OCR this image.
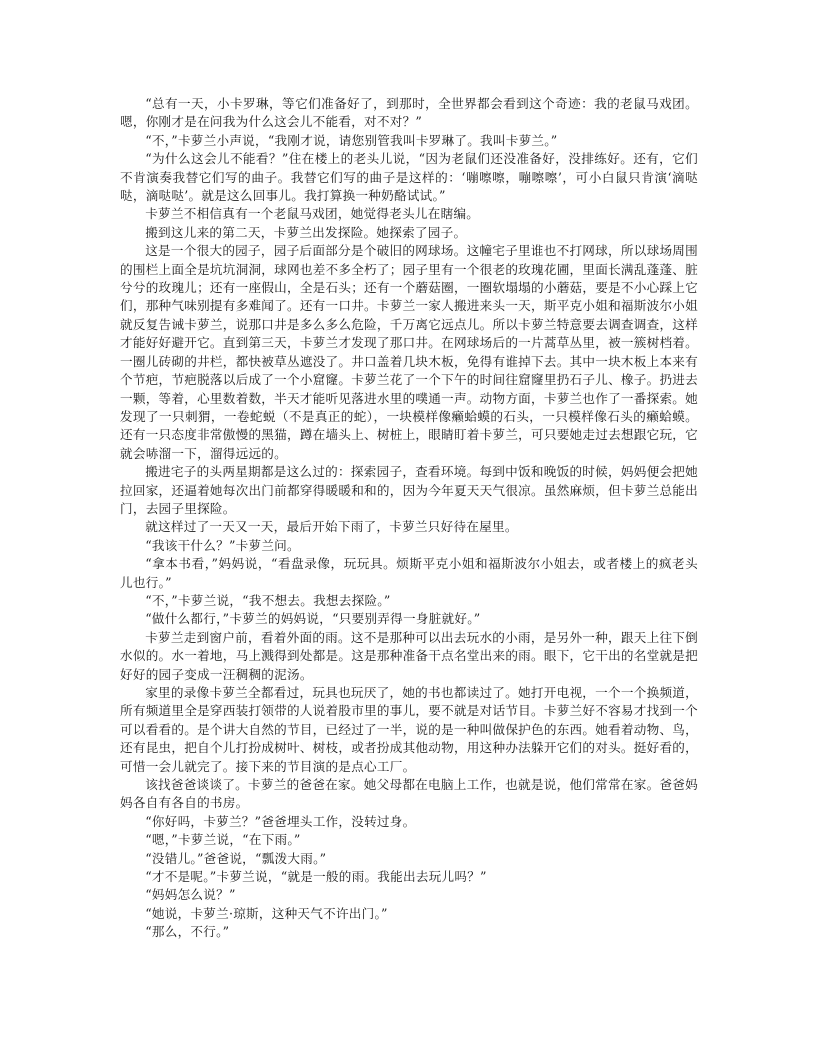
“总有一天，小卡罗琳，等它们准备好了，到那时，全世界都会看到这个奇迹：我的老鼠马戏团。嗯，你刚才是在问我为什么这会儿不能看，对不对？”

“不，”卡萝兰小声说，“我刚才说，请您别管我叫卡罗琳了。我叫卡萝兰。”

“为什么这会儿不能看？”住在楼上的老头儿说，“因为老鼠们还没准备好，没排练好。还有，它们不肯演奏我替它们写的曲子。我替它们写的曲子是这样的：‘嘣嚓嚓，嘣嚓嚓’，可小白鼠只肯演‘滴哒哒，滴哒哒’。就是这么回事儿。我打算换一种奶酪试试。”

卡萝兰不相信真有一个老鼠马戏团，她觉得老头儿在瞎编。

搬到这儿来的第二天，卡萝兰出发探险。她探索了园子。

这是一个很大的园子，园子后面部分是个破旧的网球场。这幢宅子里谁也不打网球，所以球场周围的围栏上面全是坑坑洞洞，球网也差不多全朽了；园子里有一个很老的玫瑰花圃，里面长满乱蓬蓬、脏兮兮的玫瑰儿；还有一座假山，全是石头；还有一个蘑菇圈，一圈软塌塌的小蘑菇，要是不小心踩上它们，那种气味别提有多难闻了。还有一口井。卡萝兰一家人搬进来头一天，斯平克小姐和福斯波尔小姐就反复告诫卡萝兰，说那口井是多么多么危险，千万离它远点儿。所以卡萝兰特意要去调查调查，这样才能好好避开它。直到第三天，卡萝兰才发现了那口井。在网球场后的一片蒿草丛里，被一簇树档着。一圈儿砖砌的井栏，都快被草丛遮没了。井口盖着几块木板，免得有谁掉下去。其中一块木板上本来有个节疤，节疤脱落以后成了一个小窟窿。卡萝兰花了一个下午的时间往窟窿里扔石子儿、橡子。扔进去一颗，等着，心里数着数，半天才能听见落进水里的噗通一声。动物方面，卡萝兰也作了一番探索。她发现了一只刺猬，一卷蛇蜕（不是真正的蛇），一块模样像癞蛤蟆的石头，一只模样像石头的癞蛤蟆。还有一只态度非常傲慢的黑猫，蹲在墙头上、树桩上，眼睛盯着卡萝兰，可只要她走过去想跟它玩，它就会哧溜一下，溜得远远的。

搬进宅子的头两星期都是这么过的：探索园子，查看环境。每到中饭和晚饭的时候，妈妈便会把她拉回家，还逼着她每次出门前都穿得暖暖和和的，因为今年夏天天气很凉。虽然麻烦，但卡萝兰总能出门，去园子里探险。

就这样过了一天又一天，最后开始下雨了，卡萝兰只好待在屋里。

“我该干什么？”卡萝兰问。

“拿本书看，”妈妈说，“看盘录像，玩玩具。烦斯平克小姐和福斯波尔小姐去，或者楼上的疯老头儿也行。”

“不，”卡萝兰说，“我不想去。我想去探险。”

“做什么都行，”卡萝兰的妈妈说，“只要别弄得一身脏就好。”

卡萝兰走到窗户前，看着外面的雨。这不是那种可以出去玩水的小雨，是另外一种，跟天上往下倒水似的。水一着地，马上溅得到处都是。这是那种准备干点名堂出来的雨。眼下，它干出的名堂就是把好好的园子变成一汪稠稠的泥汤。

家里的录像卡萝兰全都看过，玩具也玩厌了，她的书也都读过了。她打开电视，一个一个换频道，所有频道里全是穿西装打领带的人说着股市里的事儿，要不就是对话节目。卡萝兰好不容易才找到一个可以看看的。是个讲大自然的节目，已经过了一半，说的是一种叫做保护色的东西。她看着动物、鸟，还有昆虫，把自个儿打扮成树叶、树枝，或者扮成其他动物，用这种办法躲开它们的对头。挺好看的，可惜一会儿就完了。接下来的节目演的是点心工厂。

该找爸爸谈谈了。卡萝兰的爸爸在家。她父母都在电脑上工作，也就是说，他们常常在家。爸爸妈妈各自有各自的书房。

“你好吗，卡萝兰？”爸爸埋头工作，没转过身。

“嗯，”卡萝兰说，“在下雨。”

“没错儿。”爸爸说，“瓢泼大雨。”

“才不是呢。”卡萝兰说，“就是一般的雨。我能出去玩儿吗？”

“妈妈怎么说？”

“她说，卡萝兰·琼斯，这种天气不许出门。”

“那么，不行。”
